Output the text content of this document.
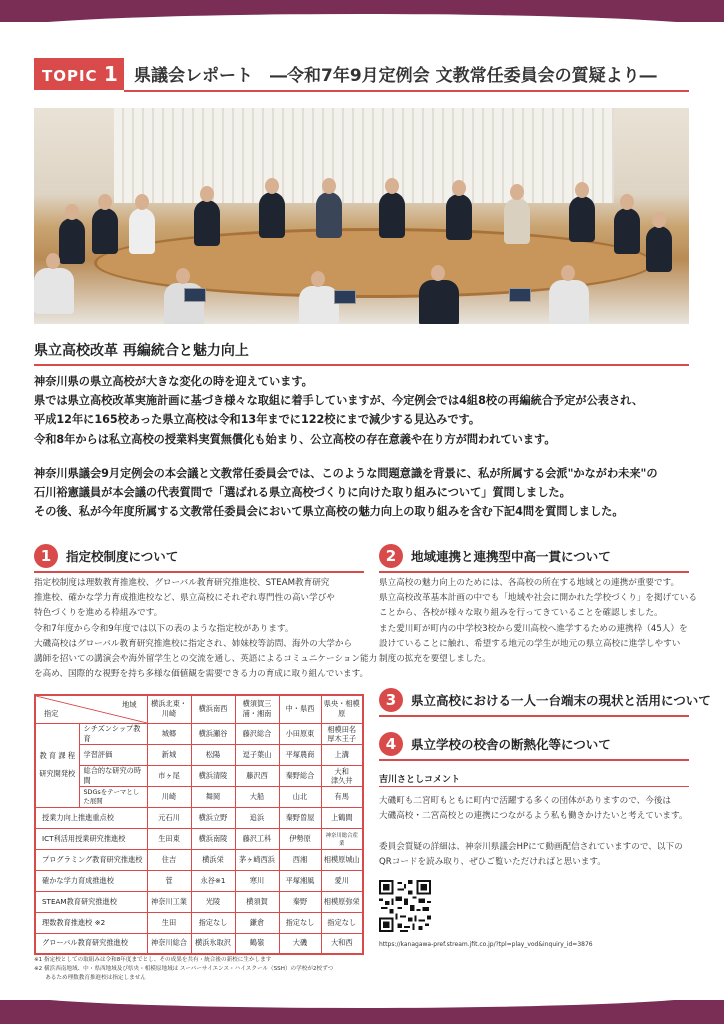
TOPIC 1 県議会レポート　―令和7年9月定例会 文教常任委員会の質疑より―
県立高校改革 再編統合と魅力向上

神奈川県の県立高校が大きな変化の時を迎えています。

県では県立高校改革実施計画に基づき様々な取組に着手していますが、今定例会では4組8校の再編統合予定が公表され、

平成12年に165校あった県立高校は令和13年までに122校にまで減少する見込みです。

令和8年からは私立高校の授業料実質無償化も始まり、公立高校の存在意義や在り方が問われています。

神奈川県議会9月定例会の本会議と文教常任委員会では、このような問題意識を背景に、私が所属する会派"かながわ未来"の

石川裕憲議員が本会議の代表質問で「選ばれる県立高校づくりに向けた取り組みについて」質問しました。

その後、私が今年度所属する文教常任委員会において県立高校の魅力向上の取り組みを含む下記4問を質問しました。

1	指定校制度について

指定校制度は理数教育推進校、グローバル教育研究推進校、STEAM教育研究

推進校、確かな学力育成推進校など、県立高校にそれぞれ専門性の高い学びや

特色づくりを進める枠組みです。

令和7年度から令和9年度では以下の表のような指定校があります。

大磯高校はグローバル教育研究推進校に指定され、姉妹校等訪問、海外の大学から

講師を招いての講演会や海外留学生との交流を通し、英語によるコミュニケーション能力

を高め、国際的な視野を持ち多様な価値観を需要できる力の育成に取り組んでいます。

2	地域連携と連携型中高一貫について

県立高校の魅力向上のためには、各高校の所在する地域との連携が重要です。

県立高校改革基本計画の中でも「地域や社会に開かれた学校づくり」を掲げている

ことから、各校が様々な取り組みを行ってきていることを確認しました。

また愛川町が町内の中学校3校から愛川高校へ進学するための連携枠（45人）を

設けていることに触れ、希望する地元の学生が地元の県立高校に進学しやすい

制度の拡充を要望しました。

3	県立高校における一人一台端末の現状と活用について
4	県立学校の校舎の断熱化等について
指定
地域		横浜北東・川崎	横浜南西	横須賀三浦・湘南	中・県西	県央・相模原
教 育 課 程
研究開発校	シチズンシップ教育	城郷	横浜瀬谷	藤沢総合	小田原東	相模田名
厚木王子
	学習評価	新城	松陽	逗子葉山	平塚農商	上溝
	総合的な研究の時間	市ヶ尾	横浜清陵	藤沢西	秦野総合	大和
津久井
	SDGsをテーマとした展開	川崎	舞岡	大船	山北	有馬
授業力向上推進重点校		元石川	横浜立野	追浜	秦野曽屋	上鶴間
ICT利活用授業研究推進校		生田東	横浜南陵	藤沢工科	伊勢原	神奈川総合産業
プログラミング教育研究推進校		住吉	横浜栄	茅ヶ崎西浜	西湘	相模原城山
確かな学力育成推進校		菅	永谷※1	寒川	平塚湘風	愛川
STEAM教育研究推進校		神奈川工業	光陵	横須賀	秦野	相模原弥栄
理数教育推進校 ※2		生田	指定なし	鎌倉	指定なし	指定なし
グローバル教育研究推進校		神奈川総合	横浜氷取沢	鶴嶺	大磯	大和西

※1 指定校としての取組みは令和8年度までとし、その成果を共有・統合後の新校に生かします

※2 横浜西南地域、中・県西地域及び県央・相模原地域は スーパーサイエンス・ハイスクール（SSH）の学校が2校ずつ

　　あるため理数教育推進校は指定しません

吉川さとしコメント

大磯町も二宮町もともに町内で活躍する多くの団体がありますので、今後は

大磯高校・二宮高校との連携につながるよう私も働きかけたいと考えています。

委員会質疑の詳細は、神奈川県議会HPにて動画配信されていますので、以下の

QRコードを読み取り、ぜひご覧いただければと思います。

https://kanagawa-pref.stream.jfit.co.jp/?tpl=play_vod&inquiry_id=3876
